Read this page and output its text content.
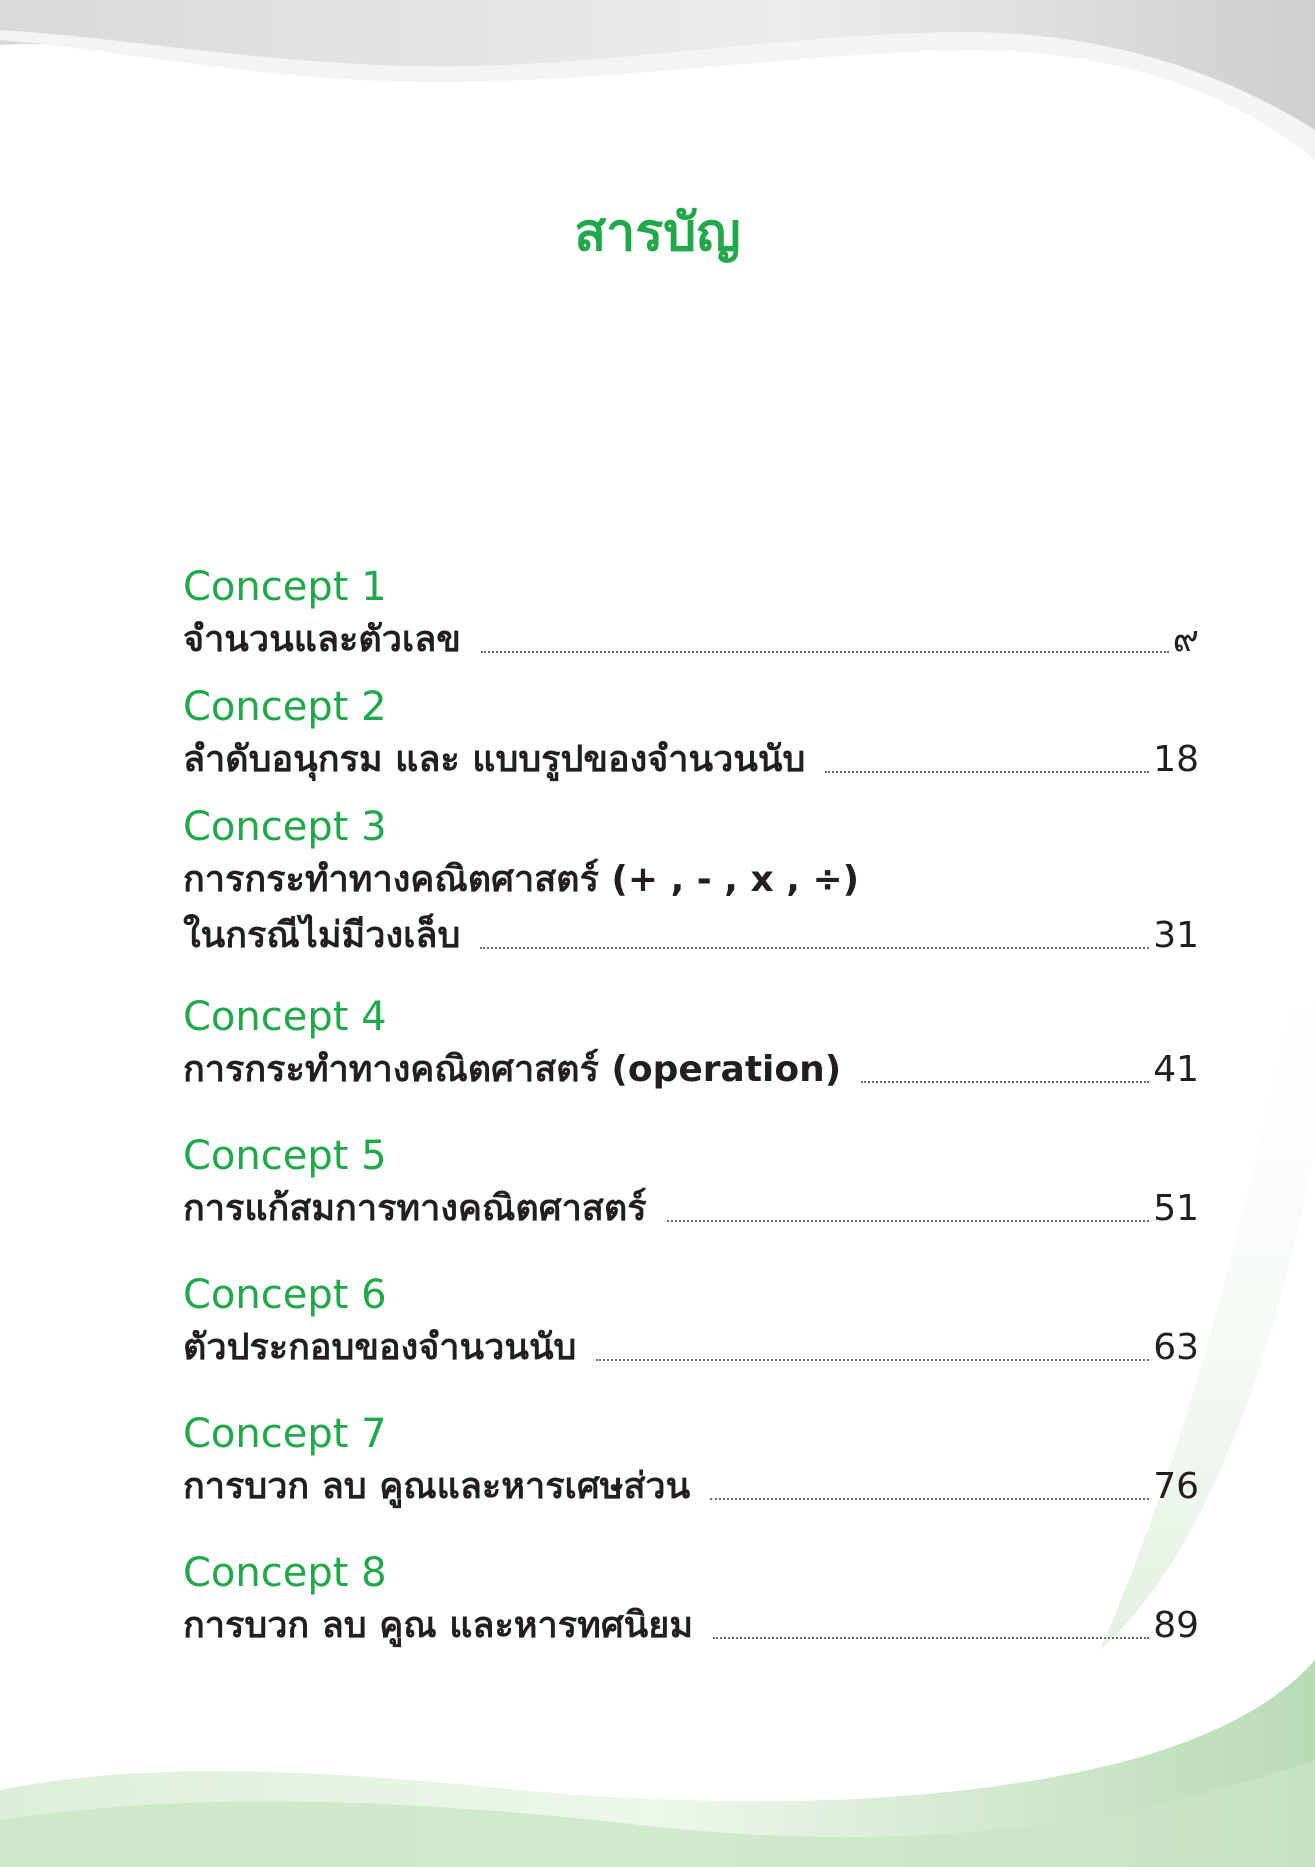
สารบัญ
Concept 1
จำนวนและตัวเลข	๙
Concept 2
ลำดับอนุกรม และ แบบรูปของจำนวนนับ	18
Concept 3
การกระทำทางคณิตศาสตร์ (+ , - , x , ÷)
ในกรณีไม่มีวงเล็บ	31
Concept 4
การกระทำทางคณิตศาสตร์ (operation)	41
Concept 5
การแก้สมการทางคณิตศาสตร์	51
Concept 6
ตัวประกอบของจำนวนนับ	63
Concept 7
การบวก ลบ คูณและหารเศษส่วน	76
Concept 8
การบวก ลบ คูณ และหารทศนิยม	89
